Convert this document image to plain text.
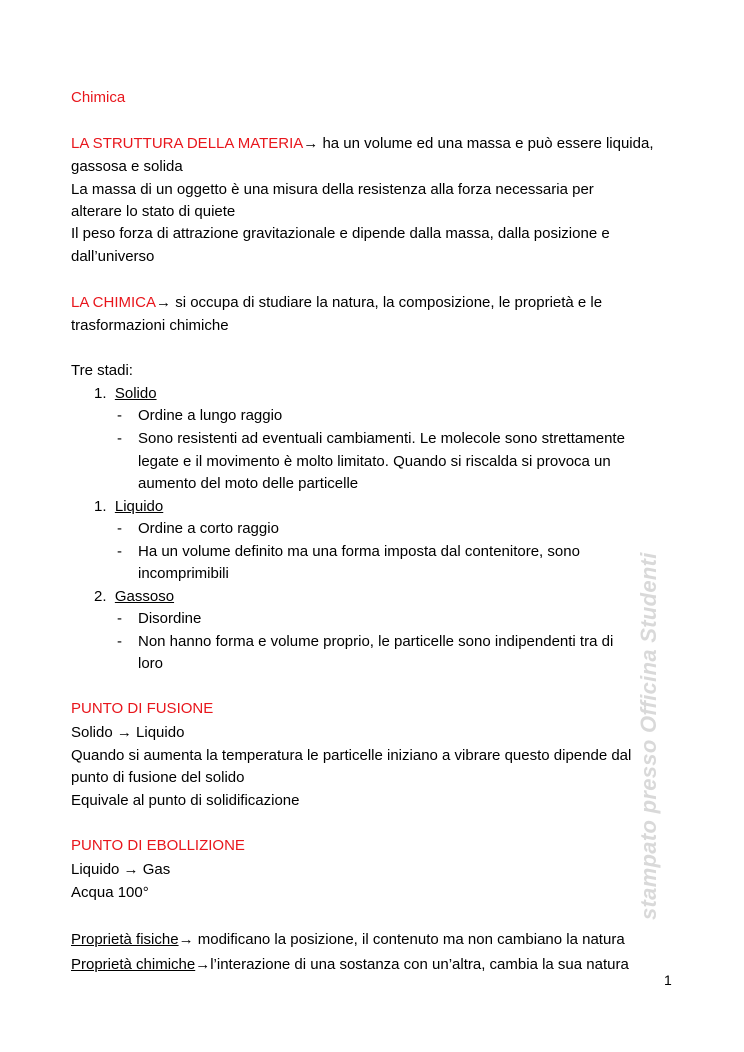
Chimica
LA STRUTTURA DELLA MATERIA→ ha un volume ed una massa e può essere liquida,
gassosa e solida
La massa di un oggetto è una misura della resistenza alla forza necessaria per
alterare lo stato di quiete
Il peso forza di attrazione gravitazionale e dipende dalla massa, dalla posizione e
dall’universo
LA CHIMICA→ si occupa di studiare la natura, la composizione, le proprietà e le
trasformazioni chimiche
Tre stadi:
1. Solido
- Ordine a lungo raggio
- Sono resistenti ad eventuali cambiamenti. Le molecole sono strettamente
legate e il movimento è molto limitato. Quando si riscalda si provoca un
aumento del moto delle particelle
1. Liquido
- Ordine a corto raggio
- Ha un volume definito ma una forma imposta dal contenitore, sono
incomprimibili
2. Gassoso
- Disordine
- Non hanno forma e volume proprio, le particelle sono indipendenti tra di
loro
PUNTO DI FUSIONE
Solido → Liquido
Quando si aumenta la temperatura le particelle iniziano a vibrare questo dipende dal
punto di fusione del solido
Equivale al punto di solidificazione
PUNTO DI EBOLLIZIONE
Liquido → Gas
Acqua 100°
Proprietà fisiche→ modificano la posizione, il contenuto ma non cambiano la natura
Proprietà chimiche→l’interazione di una sostanza con un’altra, cambia la sua natura
stampato presso Officina Studenti
1
